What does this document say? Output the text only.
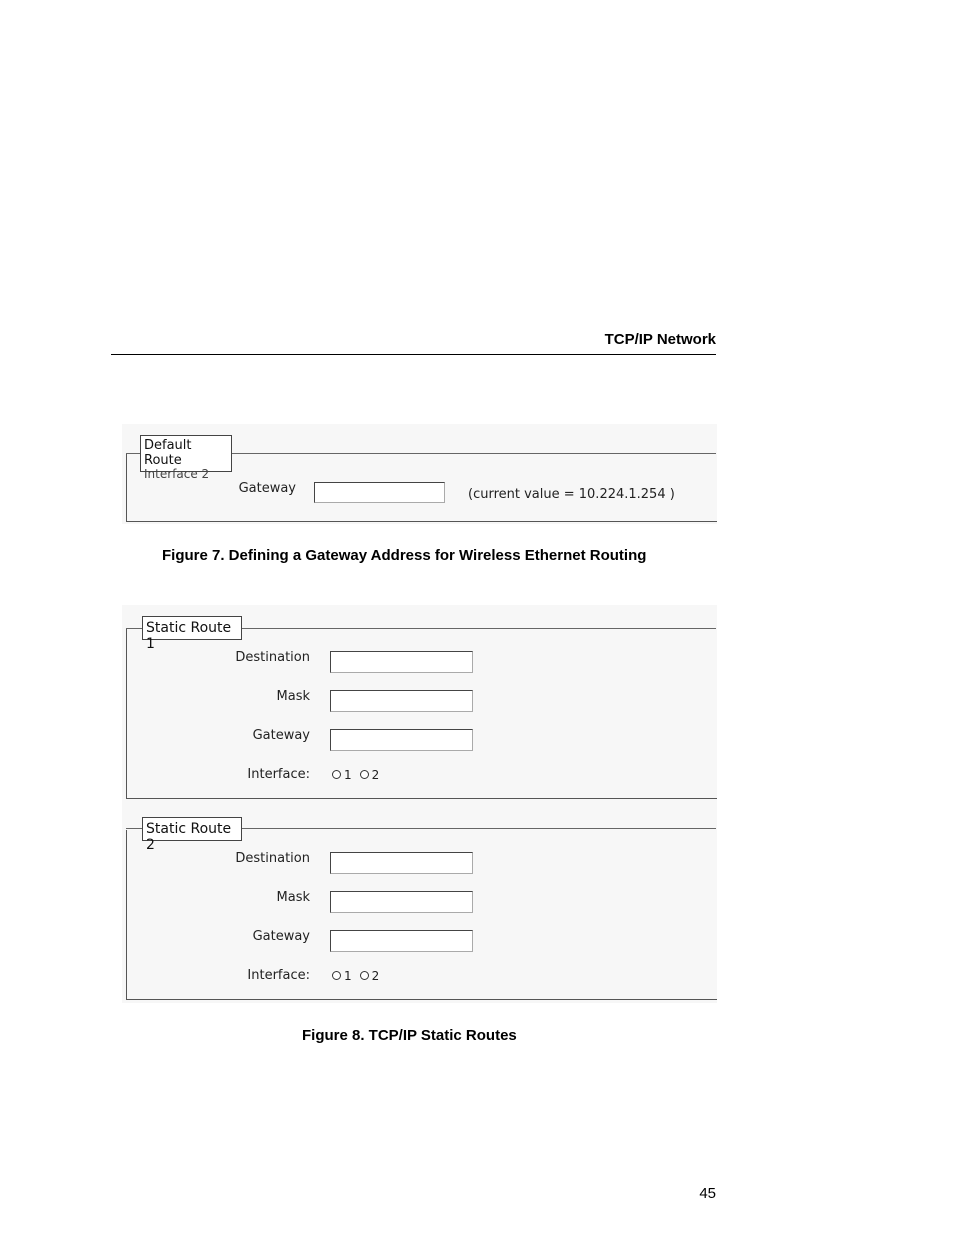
TCP/IP Network
Default Route
Interface 2
Gateway	(current value = 10.224.1.254 )
Figure 7. Defining a Gateway Address for Wireless Ethernet Routing
Static Route 1
Destination
Mask
Gateway
Interface:	1 2
Static Route 2
Destination
Mask
Gateway
Interface:	1 2
Figure 8. TCP/IP Static Routes
45
